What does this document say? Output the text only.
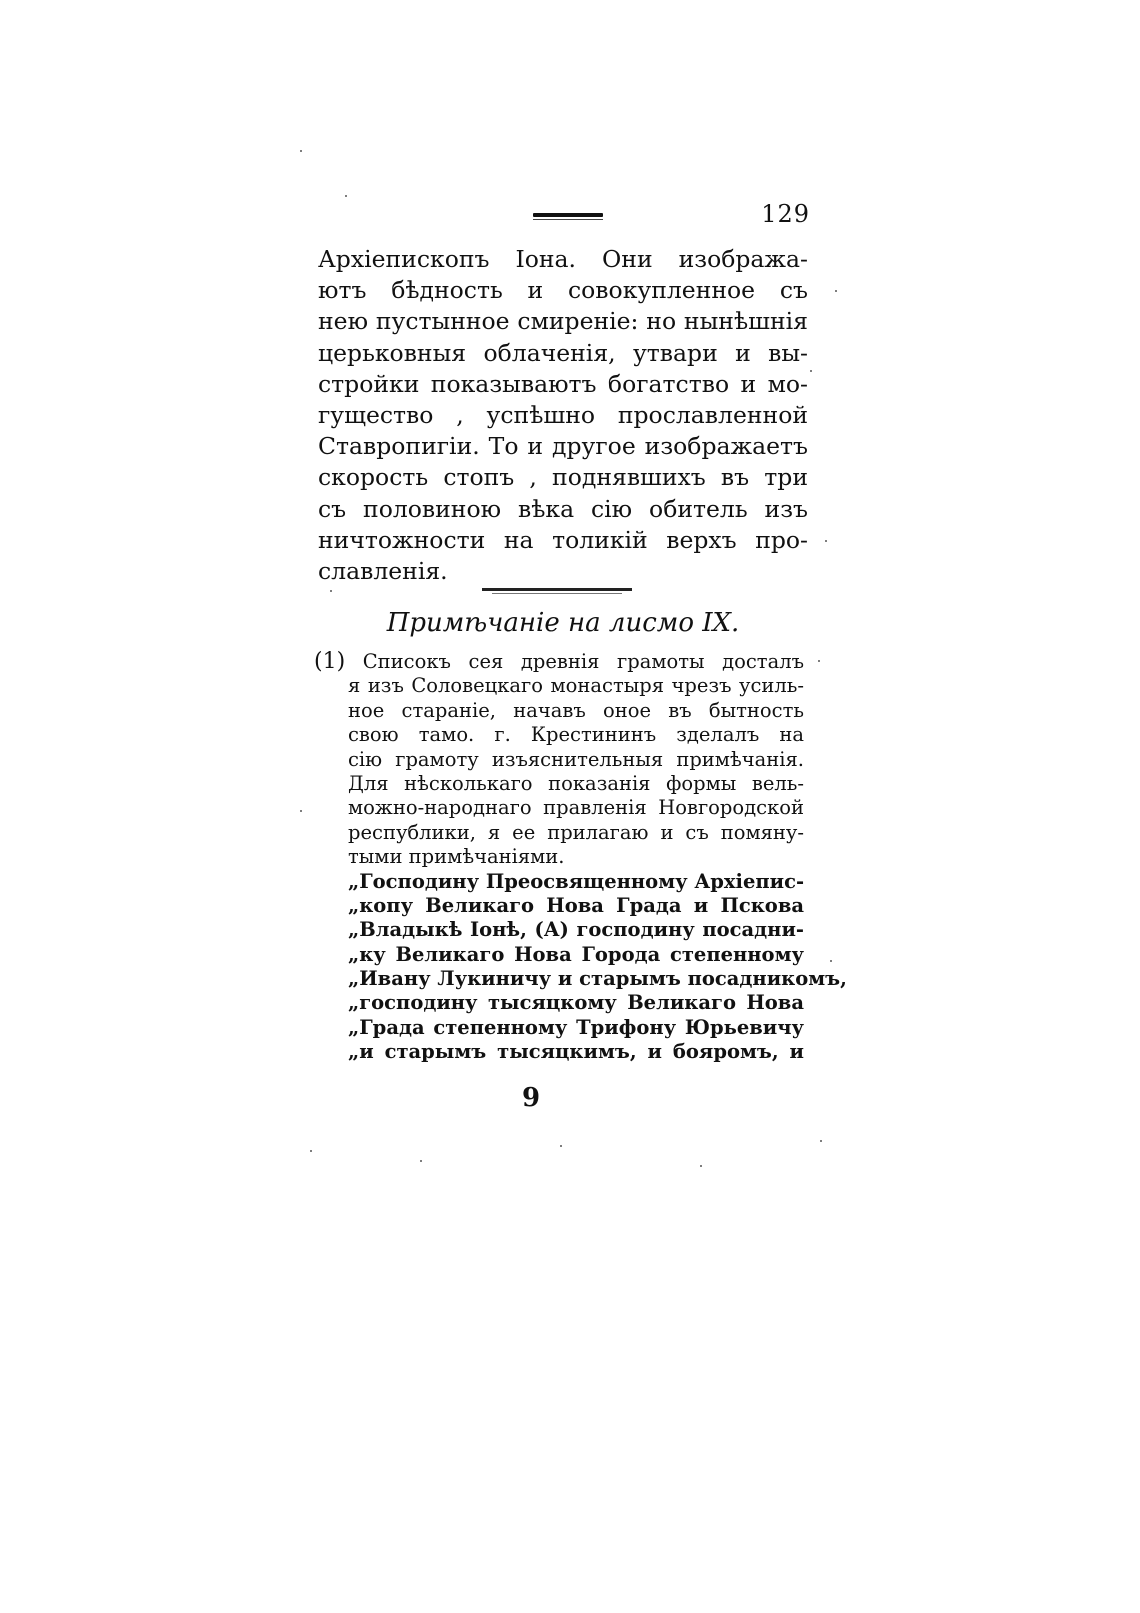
129
Архіепископъ Іона. Они изобража-
ютъ бѣдность и совокупленное съ
нею пустынное смиреніе: но нынѣшнія
церьковныя облаченія, утвари и вы-
стройки показываютъ богатство и мо-
гущество , успѣшно прославленной
Ставропигіи. То и другое изображаетъ
скорость стопъ , поднявшихъ въ три
съ половиною вѣка сію обитель изъ
ничтожности на толикій верхъ про-
славленія.
Примѣчаніе на лисмо IX.
(1) Списокъ сея древнія грамоты досталъ
я изъ Соловецкаго монастыря чрезъ усиль-
ное стараніе, начавъ оное въ бытность
свою тамо. г. Крестининъ зделалъ на
сію грамоту изъяснительныя примѣчанія.
Для нѣсколькаго показанія формы вель-
можно-народнаго правленія Новгородской
республики, я ее прилагаю и съ помяну-
тыми примѣчаніями.
„Господину Преосвященному Архіепис-
„копу Великаго Нова Града и Пскова
„Владыкѣ Іонѣ, (А) господину посадни-
„ку Великаго Нова Города степенному
„Ивану Лукиничу и старымъ посадникомъ,
„господину тысяцкому Великаго Нова
„Града степенному Трифону Юрьевичу
„и старымъ тысяцкимъ, и бояромъ, и
9
